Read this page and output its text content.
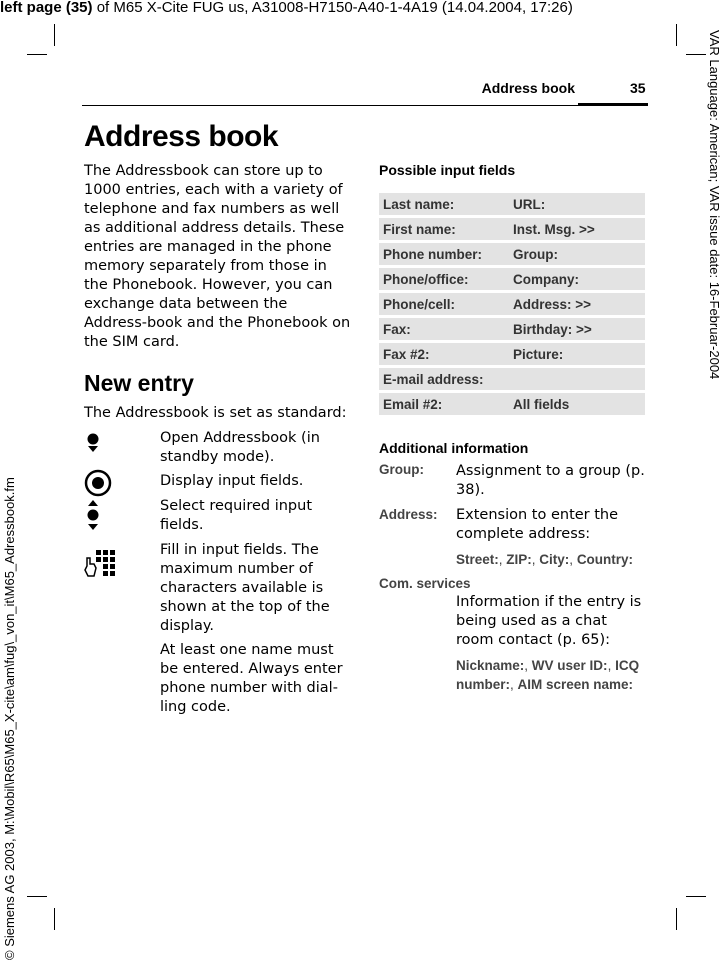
left page (35) of M65 X-Cite FUG us, A31008-H7150-A40-1-4A19 (14.04.2004, 17:26)
VAR Language: American; VAR issue date: 16-Februar-2004
© Siemens AG 2003, M:\Mobil\R65\M65_X-cite\am\fug\_von_it\M65_Adressbook.fm
Address book	35
Address book
The Addressbook can store up to 1000 entries, each with a variety of telephone and fax numbers as well as additional address details. These entries are managed in the phone memory separately from those in the Phonebook. However, you can exchange data between the Address-book and the Phonebook on the SIM card.
New entry
The Addressbook is set as standard:
Open Addressbook (in standby mode).
Display input fields.
Select required input fields.
Fill in input fields. The maximum number of characters available is shown at the top of the display.
At least one name must be entered. Always enter phone number with dial-ling code.
Possible input fields
Last name:	URL:
First name:	Inst. Msg. >>
Phone number:	Group:
Phone/office:	Company:
Phone/cell:	Address: >>
Fax:	Birthday: >>
Fax #2:	Picture:
E-mail address:	
Email #2:	All fields
Additional information
Group: Assignment to a group (p. 38).
Address: Extension to enter the complete address:
Street:, ZIP:, City:, Country:
Com. services
Information if the entry is being used as a chat room contact (p. 65):
Nickname:, WV user ID:, ICQ number:, AIM screen name:
